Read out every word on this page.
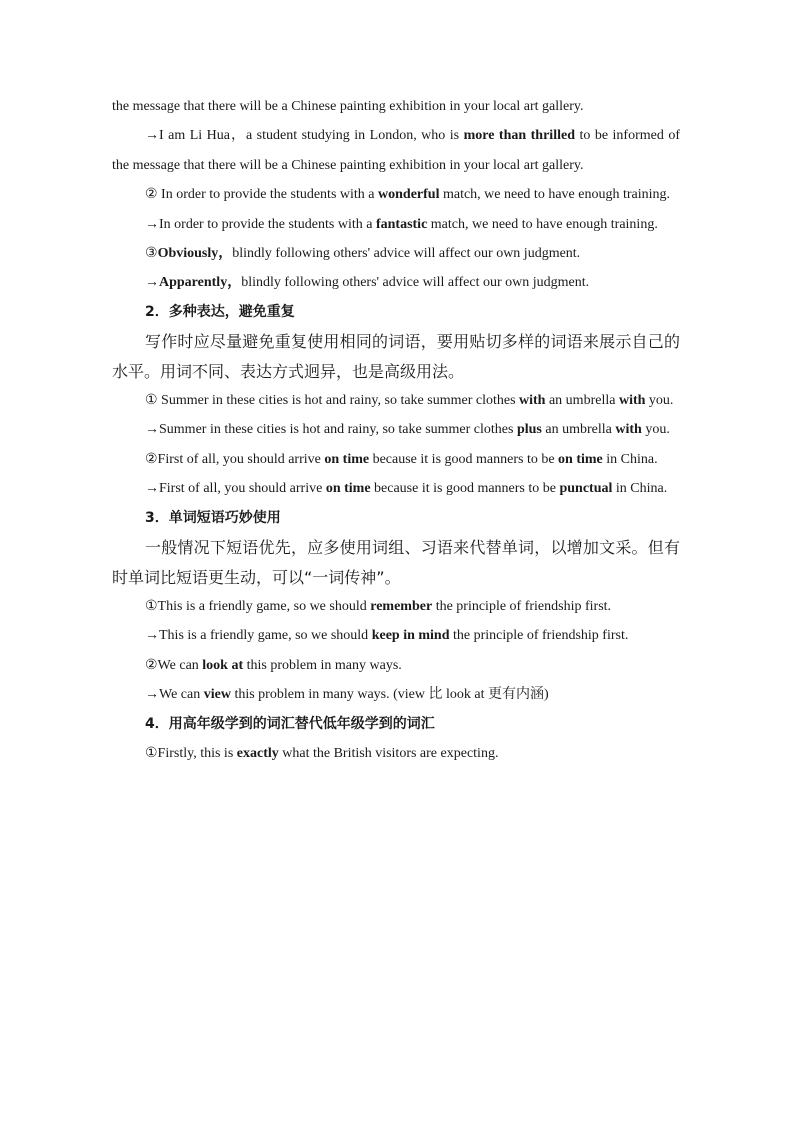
the message that there will be a Chinese painting exhibition in your local art gallery.

→I am Li Hua，a student studying in London, who is more than thrilled to be informed of the message that there will be a Chinese painting exhibition in your local art gallery.

② In order to provide the students with a wonderful match, we need to have enough training.

→In order to provide the students with a fantastic match, we need to have enough training.

③Obviously，blindly following others' advice will affect our own judgment.

→Apparently，blindly following others' advice will affect our own judgment.

2．多种表达，避免重复

写作时应尽量避免重复使用相同的词语，要用贴切多样的词语来展示自己的水平。用词不同、表达方式迥异，也是高级用法。

① Summer in these cities is hot and rainy, so take summer clothes with an umbrella with you.

→Summer in these cities is hot and rainy, so take summer clothes plus an umbrella with you.

②First of all, you should arrive on time because it is good manners to be on time in China.

→First of all, you should arrive on time because it is good manners to be punctual in China.

3．单词短语巧妙使用

一般情况下短语优先，应多使用词组、习语来代替单词，以增加文采。但有时单词比短语更生动，可以“一词传神”。

①This is a friendly game, so we should remember the principle of friendship first.

→This is a friendly game, so we should keep in mind the principle of friendship first.

②We can look at this problem in many ways.

→We can view this problem in many ways. (view 比 look at 更有内涵)

4．用高年级学到的词汇替代低年级学到的词汇

①Firstly, this is exactly what the British visitors are expecting.
